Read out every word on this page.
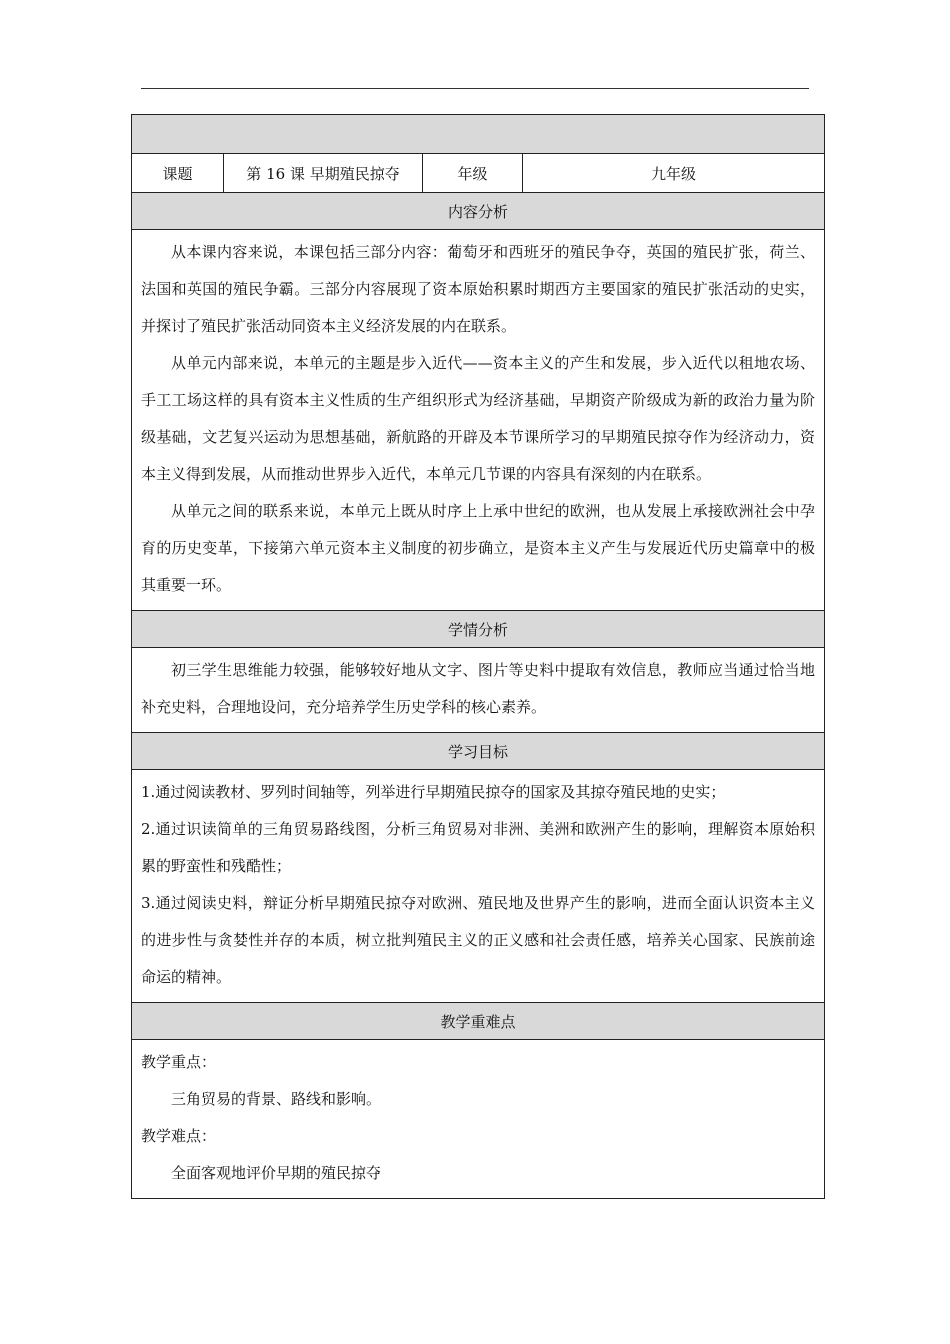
课题	第 16 课 早期殖民掠夺	年级	九年级
内容分析

从本课内容来说，本课包括三部分内容：葡萄牙和西班牙的殖民争夺，英国的殖民扩张，荷兰、法国和英国的殖民争霸。三部分内容展现了资本原始积累时期西方主要国家的殖民扩张活动的史实，并探讨了殖民扩张活动同资本主义经济发展的内在联系。

从单元内部来说，本单元的主题是步入近代——资本主义的产生和发展，步入近代以租地农场、手工工场这样的具有资本主义性质的生产组织形式为经济基础，早期资产阶级成为新的政治力量为阶级基础，文艺复兴运动为思想基础，新航路的开辟及本节课所学习的早期殖民掠夺作为经济动力，资本主义得到发展，从而推动世界步入近代，本单元几节课的内容具有深刻的内在联系。

从单元之间的联系来说，本单元上既从时序上上承中世纪的欧洲，也从发展上承接欧洲社会中孕育的历史变革，下接第六单元资本主义制度的初步确立，是资本主义产生与发展近代历史篇章中的极其重要一环。

学情分析

初三学生思维能力较强，能够较好地从文字、图片等史料中提取有效信息，教师应当通过恰当地补充史料，合理地设问，充分培养学生历史学科的核心素养。

学习目标

1.通过阅读教材、罗列时间轴等，列举进行早期殖民掠夺的国家及其掠夺殖民地的史实；

2.通过识读简单的三角贸易路线图，分析三角贸易对非洲、美洲和欧洲产生的影响，理解资本原始积累的野蛮性和残酷性；

3.通过阅读史料，辩证分析早期殖民掠夺对欧洲、殖民地及世界产生的影响，进而全面认识资本主义的进步性与贪婪性并存的本质，树立批判殖民主义的正义感和社会责任感，培养关心国家、民族前途命运的精神。

教学重难点

教学重点：

三角贸易的背景、路线和影响。

教学难点：

全面客观地评价早期的殖民掠夺
